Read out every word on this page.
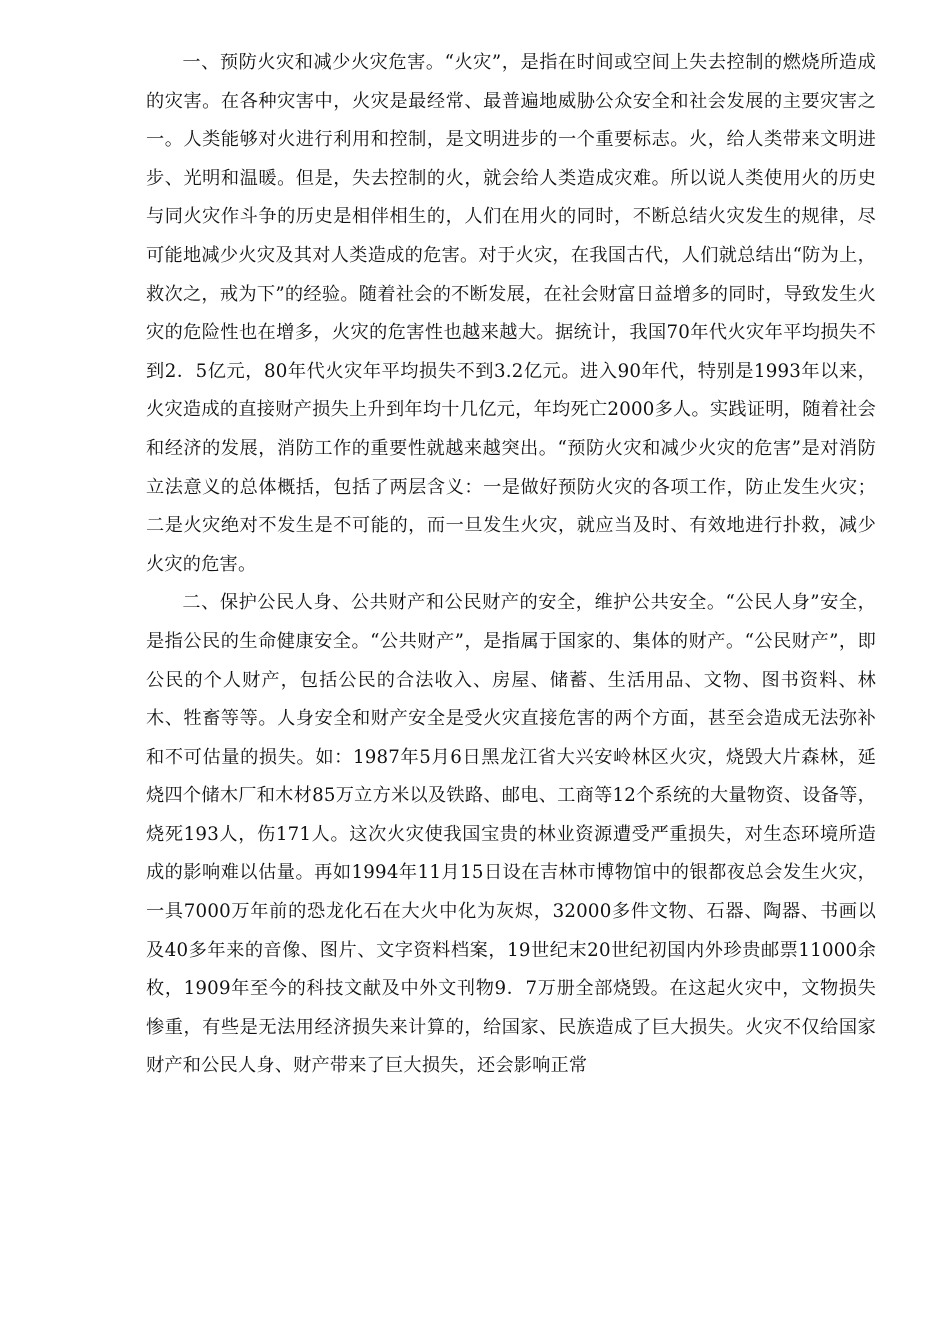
一、预防火灾和减少火灾危害。“火灾”，是指在时间或空间上失去控制的燃烧所造成的灾害。在各种灾害中，火灾是最经常、最普遍地威胁公众安全和社会发展的主要灾害之一。人类能够对火进行利用和控制，是文明进步的一个重要标志。火，给人类带来文明进步、光明和温暖。但是，失去控制的火，就会给人类造成灾难。所以说人类使用火的历史与同火灾作斗争的历史是相伴相生的，人们在用火的同时，不断总结火灾发生的规律，尽可能地减少火灾及其对人类造成的危害。对于火灾，在我国古代，人们就总结出“防为上，救次之，戒为下”的经验。随着社会的不断发展，在社会财富日益增多的同时，导致发生火灾的危险性也在增多，火灾的危害性也越来越大。据统计，我国70年代火灾年平均损失不到2．5亿元，80年代火灾年平均损失不到3.2亿元。进入90年代，特别是1993年以来，火灾造成的直接财产损失上升到年均十几亿元，年均死亡2000多人。实践证明，随着社会和经济的发展，消防工作的重要性就越来越突出。“预防火灾和减少火灾的危害”是对消防立法意义的总体概括，包括了两层含义：一是做好预防火灾的各项工作，防止发生火灾；二是火灾绝对不发生是不可能的，而一旦发生火灾，就应当及时、有效地进行扑救，减少火灾的危害。

二、保护公民人身、公共财产和公民财产的安全，维护公共安全。“公民人身”安全，是指公民的生命健康安全。“公共财产”，是指属于国家的、集体的财产。“公民财产”，即公民的个人财产，包括公民的合法收入、房屋、储蓄、生活用品、文物、图书资料、林木、牲畜等等。人身安全和财产安全是受火灾直接危害的两个方面，甚至会造成无法弥补和不可估量的损失。如：1987年5月6日黑龙江省大兴安岭林区火灾，烧毁大片森林，延烧四个储木厂和木材85万立方米以及铁路、邮电、工商等12个系统的大量物资、设备等，烧死193人，伤171人。这次火灾使我国宝贵的林业资源遭受严重损失，对生态环境所造成的影响难以估量。再如1994年11月15日设在吉林市博物馆中的银都夜总会发生火灾，一具7000万年前的恐龙化石在大火中化为灰烬，32000多件文物、石器、陶器、书画以及40多年来的音像、图片、文字资料档案，19世纪末20世纪初国内外珍贵邮票11000余枚，1909年至今的科技文献及中外文刊物9．7万册全部烧毁。在这起火灾中，文物损失惨重，有些是无法用经济损失来计算的，给国家、民族造成了巨大损失。火灾不仅给国家财产和公民人身、财产带来了巨大损失，还会影响正常
